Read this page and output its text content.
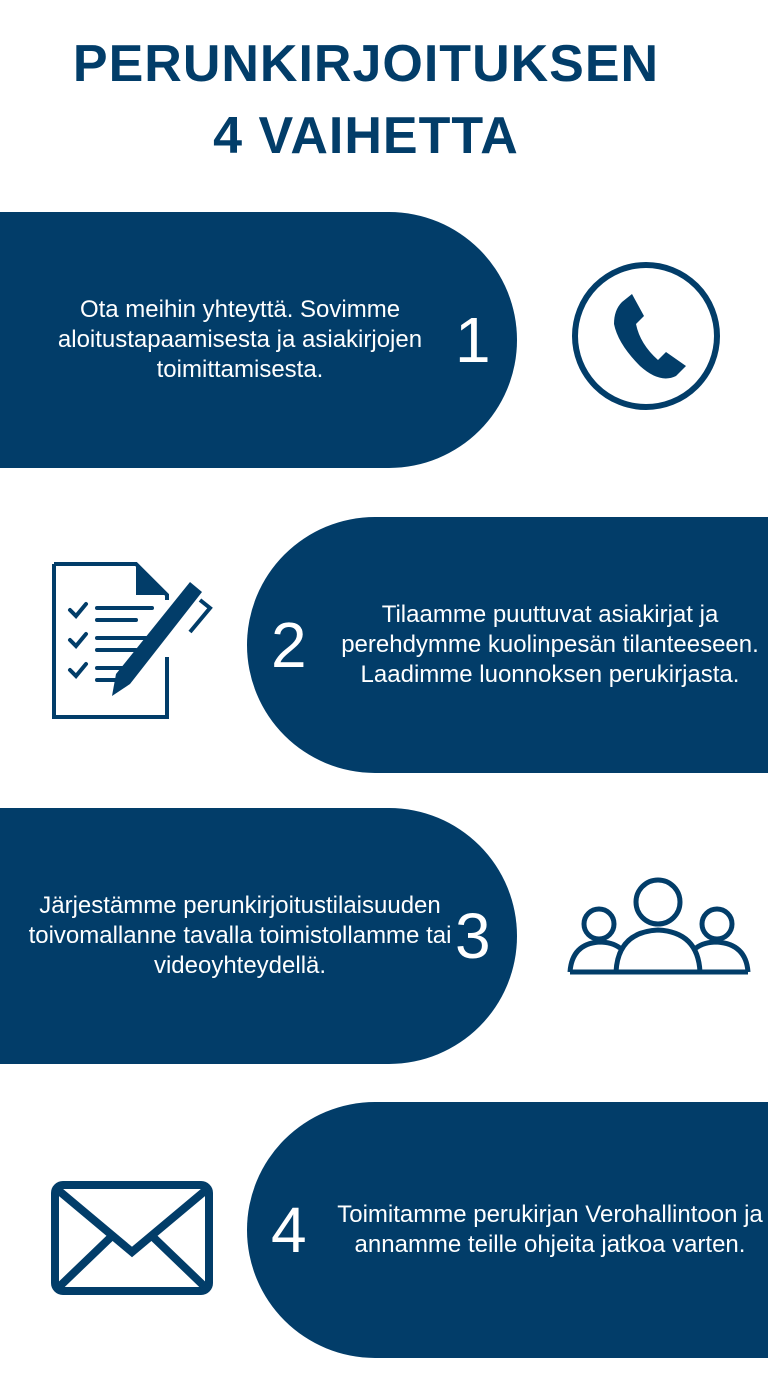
PERUNKIRJOITUKSEN
4 VAIHETTA
Ota meihin yhteyttä. Sovimme aloitustapaamisesta ja asiakirjojen toimittamisesta.	1
2	Tilaamme puuttuvat asiakirjat ja perehdymme kuolinpesän tilanteeseen. Laadimme luonnoksen perukirjasta.
Järjestämme perunkirjoitustilaisuuden toivomallanne tavalla toimistollamme tai videoyhteydellä.	3
4 Toimitamme perukirjan Verohallintoon ja annamme teille ohjeita jatkoa varten.
